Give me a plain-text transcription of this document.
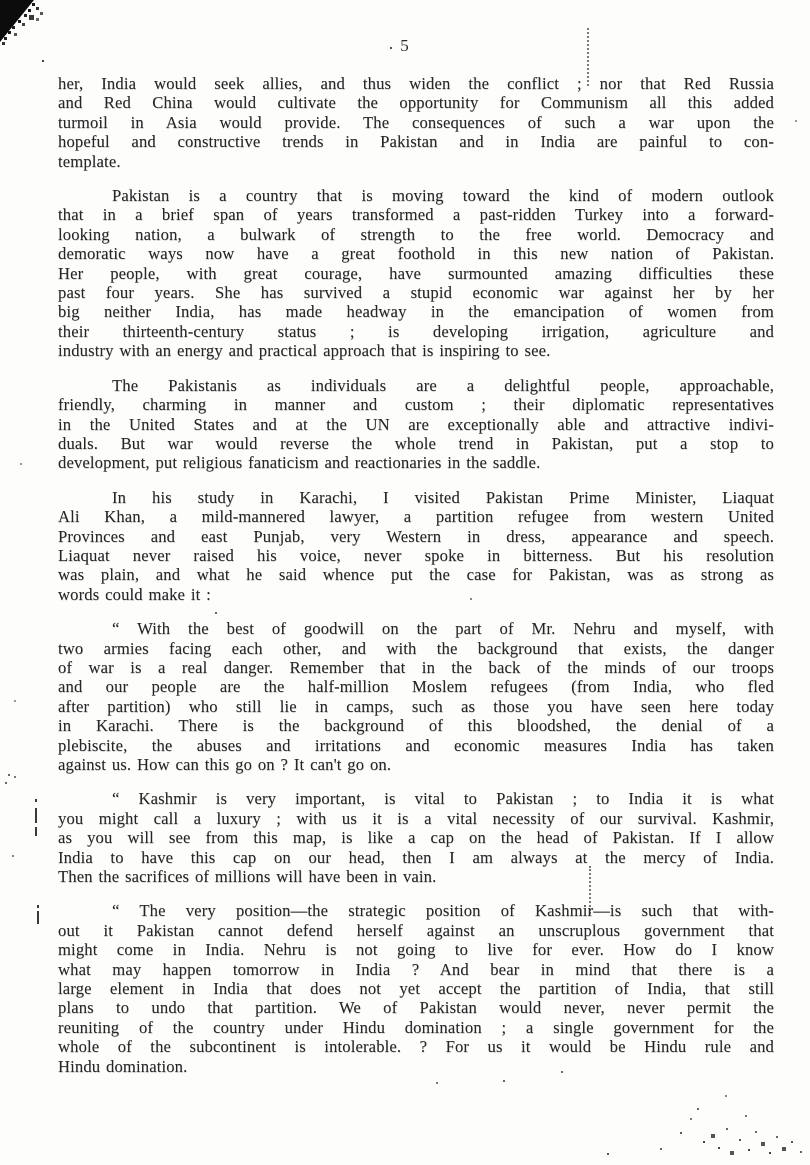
5

her, India would seek allies, and thus widen the conflict ; nor that Red Russia
and Red China would cultivate the opportunity for Communism all this added
turmoil in Asia would provide. The consequences of such a war upon the
hopeful and constructive trends in Pakistan and in India are painful to con-
template.

Pakistan is a country that is moving toward the kind of modern outlook
that in a brief span of years transformed a past-ridden Turkey into a forward-
looking nation, a bulwark of strength to the free world. Democracy and
demoratic ways now have a great foothold in this new nation of Pakistan.
Her people, with great courage, have surmounted amazing difficulties these
past four years. She has survived a stupid economic war against her by her
big neither India, has made headway in the emancipation of women from
their thirteenth-century status ; is developing irrigation, agriculture and
industry with an energy and practical approach that is inspiring to see.

The Pakistanis as individuals are a delightful people, approachable,
friendly, charming in manner and custom ; their diplomatic representatives
in the United States and at the UN are exceptionally able and attractive indivi-
duals. But war would reverse the whole trend in Pakistan, put a stop to
development, put religious fanaticism and reactionaries in the saddle.

In his study in Karachi, I visited Pakistan Prime Minister, Liaquat
Ali Khan, a mild-mannered lawyer, a partition refugee from western United
Provinces and east Punjab, very Western in dress, appearance and speech.
Liaquat never raised his voice, never spoke in bitterness. But his resolution
was plain, and what he said whence put the case for Pakistan, was as strong as
words could make it :

“ With the best of goodwill on the part of Mr. Nehru and myself, with
two armies facing each other, and with the background that exists, the danger
of war is a real danger. Remember that in the back of the minds of our troops
and our people are the half-million Moslem refugees (from India, who fled
after partition) who still lie in camps, such as those you have seen here today
in Karachi. There is the background of this bloodshed, the denial of a
plebiscite, the abuses and irritations and economic measures India has taken
against us. How can this go on ? It can't go on.

“ Kashmir is very important, is vital to Pakistan ; to India it is what
you might call a luxury ; with us it is a vital necessity of our survival. Kashmir,
as you will see from this map, is like a cap on the head of Pakistan. If I allow
India to have this cap on our head, then I am always at the mercy of India.
Then the sacrifices of millions will have been in vain.

“ The very position—the strategic position of Kashmir—is such that with-
out it Pakistan cannot defend herself against an unscruplous government that
might come in India. Nehru is not going to live for ever. How do I know
what may happen tomorrow in India ? And bear in mind that there is a
large element in India that does not yet accept the partition of India, that still
plans to undo that partition. We of Pakistan would never, never permit the
reuniting of the country under Hindu domination ; a single government for the
whole of the subcontinent is intolerable. ? For us it would be Hindu rule and
Hindu domination.
